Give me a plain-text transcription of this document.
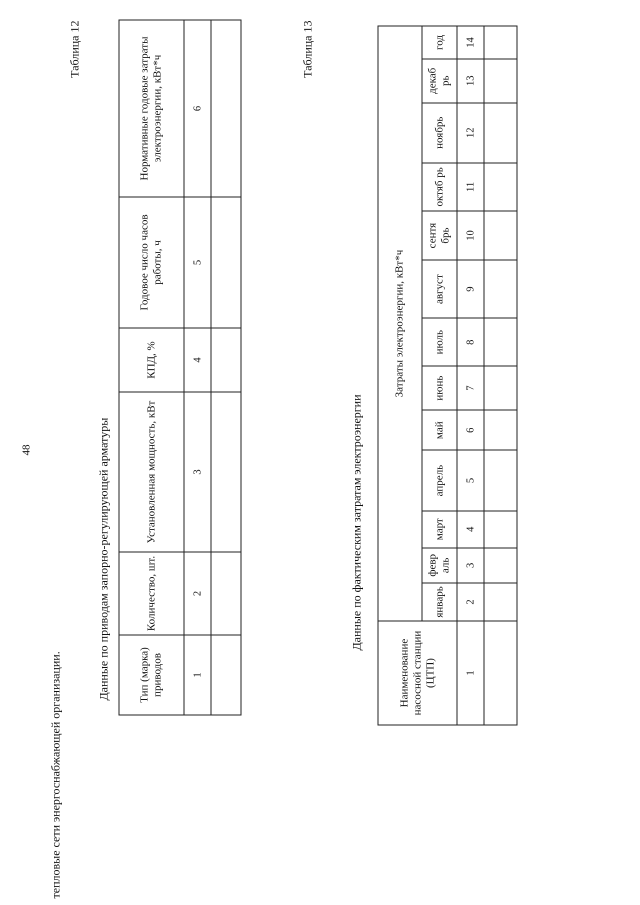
48
тепловые сети энергоснабжающей организации.
Таблица 12
Данные по приводам запорно-регулирующей арматуры	Тип (марка) приводов	Количество, шт.	Установленная мощность, кВт	КПД, %	Годовое число часов работы, ч	Нормативные годовые затраты электроэнергии, кВт*ч
1	2	3	4	5	6

Таблица 13
Данные по фактическим затратам электроэнергии
Наименование насосной станции (ЦТП)	Затраты электроэнергии, кВт*ч												
	январь	февр аль	март	апрель	май	июнь	июль	август	сентя брь	октяб рь	ноябрь	декаб рь	год
1	2	3	4	5	6	7	8	9	10	11	12	13	14
